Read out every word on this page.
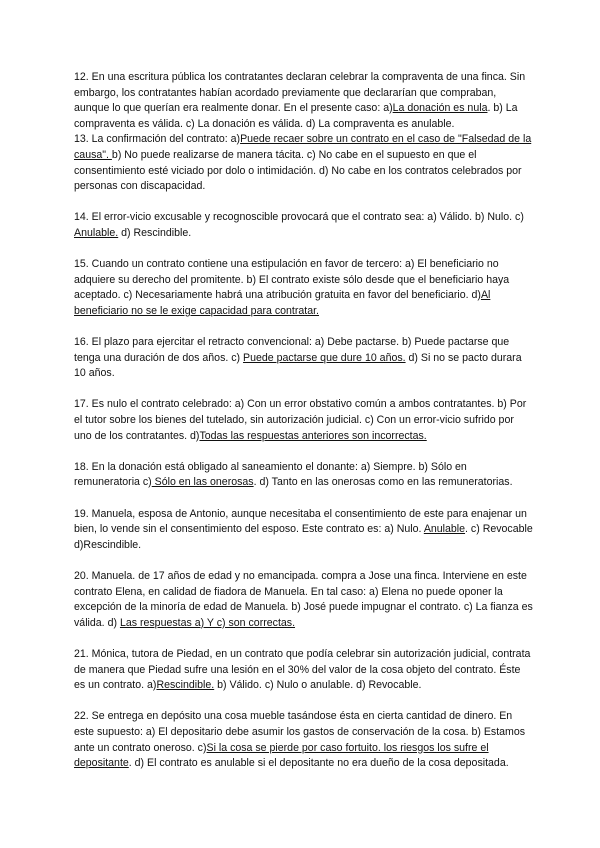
12. En una escritura pública los contratantes declaran celebrar la compraventa de una finca. Sin embargo, los contratantes habían acordado previamente que declararían que compraban, aunque lo que querían era realmente donar. En el presente caso: a)La donación es nula. b) La compraventa es válida. c) La donación es válida. d) La compraventa es anulable.

13. La confirmación del contrato: a)Puede recaer sobre un contrato en el caso de "Falsedad de la causa". b) No puede realizarse de manera tácita. c) No cabe en el supuesto en que el consentimiento esté viciado por dolo o intimidación. d) No cabe en los contratos celebrados por personas con discapacidad.

14. El error-vicio excusable y recognoscible provocará que el contrato sea: a) Válido. b) Nulo. c) Anulable. d) Rescindible.

15. Cuando un contrato contiene una estipulación en favor de tercero: a) El beneficiario no adquiere su derecho del promitente. b) El contrato existe sólo desde que el beneficiario haya aceptado. c) Necesariamente habrá una atribución gratuita en favor del beneficiario. d)Al beneficiario no se le exige capacidad para contratar.

16. El plazo para ejercitar el retracto convencional: a) Debe pactarse. b) Puede pactarse que tenga una duración de dos años. c) Puede pactarse que dure 10 años. d) Si no se pacto durara 10 años.

17. Es nulo el contrato celebrado: a) Con un error obstativo común a ambos contratantes. b) Por el tutor sobre los bienes del tutelado, sin autorización judicial. c) Con un error-vicio sufrido por uno de los contratantes. d)Todas las respuestas anteriores son incorrectas.

18. En la donación está obligado al saneamiento el donante: a) Siempre. b) Sólo en remuneratoria c) Sólo en las onerosas. d) Tanto en las onerosas como en las remuneratorias.

19. Manuela, esposa de Antonio, aunque necesitaba el consentimiento de este para enajenar un bien, lo vende sin el consentimiento del esposo. Este contrato es: a) Nulo. Anulable. c) Revocable d)Rescindible.

20. Manuela. de 17 años de edad y no emancipada. compra a Jose una finca. Interviene en este contrato Elena, en calidad de fiadora de Manuela. En tal caso: a) Elena no puede oponer la excepción de la minoría de edad de Manuela. b) José puede impugnar el contrato. c) La fianza es válida. d) Las respuestas a) Y c) son correctas.

21. Mónica, tutora de Piedad, en un contrato que podía celebrar sin autorización judicial, contrata de manera que Piedad sufre una lesión en el 30% del valor de la cosa objeto del contrato. Éste es un contrato. a)Rescindible. b) Válido. c) Nulo o anulable. d) Revocable.

22. Se entrega en depósito una cosa mueble tasándose ésta en cierta cantidad de dinero. En este supuesto: a) El depositario debe asumir los gastos de conservación de la cosa. b) Estamos ante un contrato oneroso. c)Si la cosa se pierde por caso fortuito. los riesgos los sufre el depositante. d) El contrato es anulable si el depositante no era dueño de la cosa depositada.
